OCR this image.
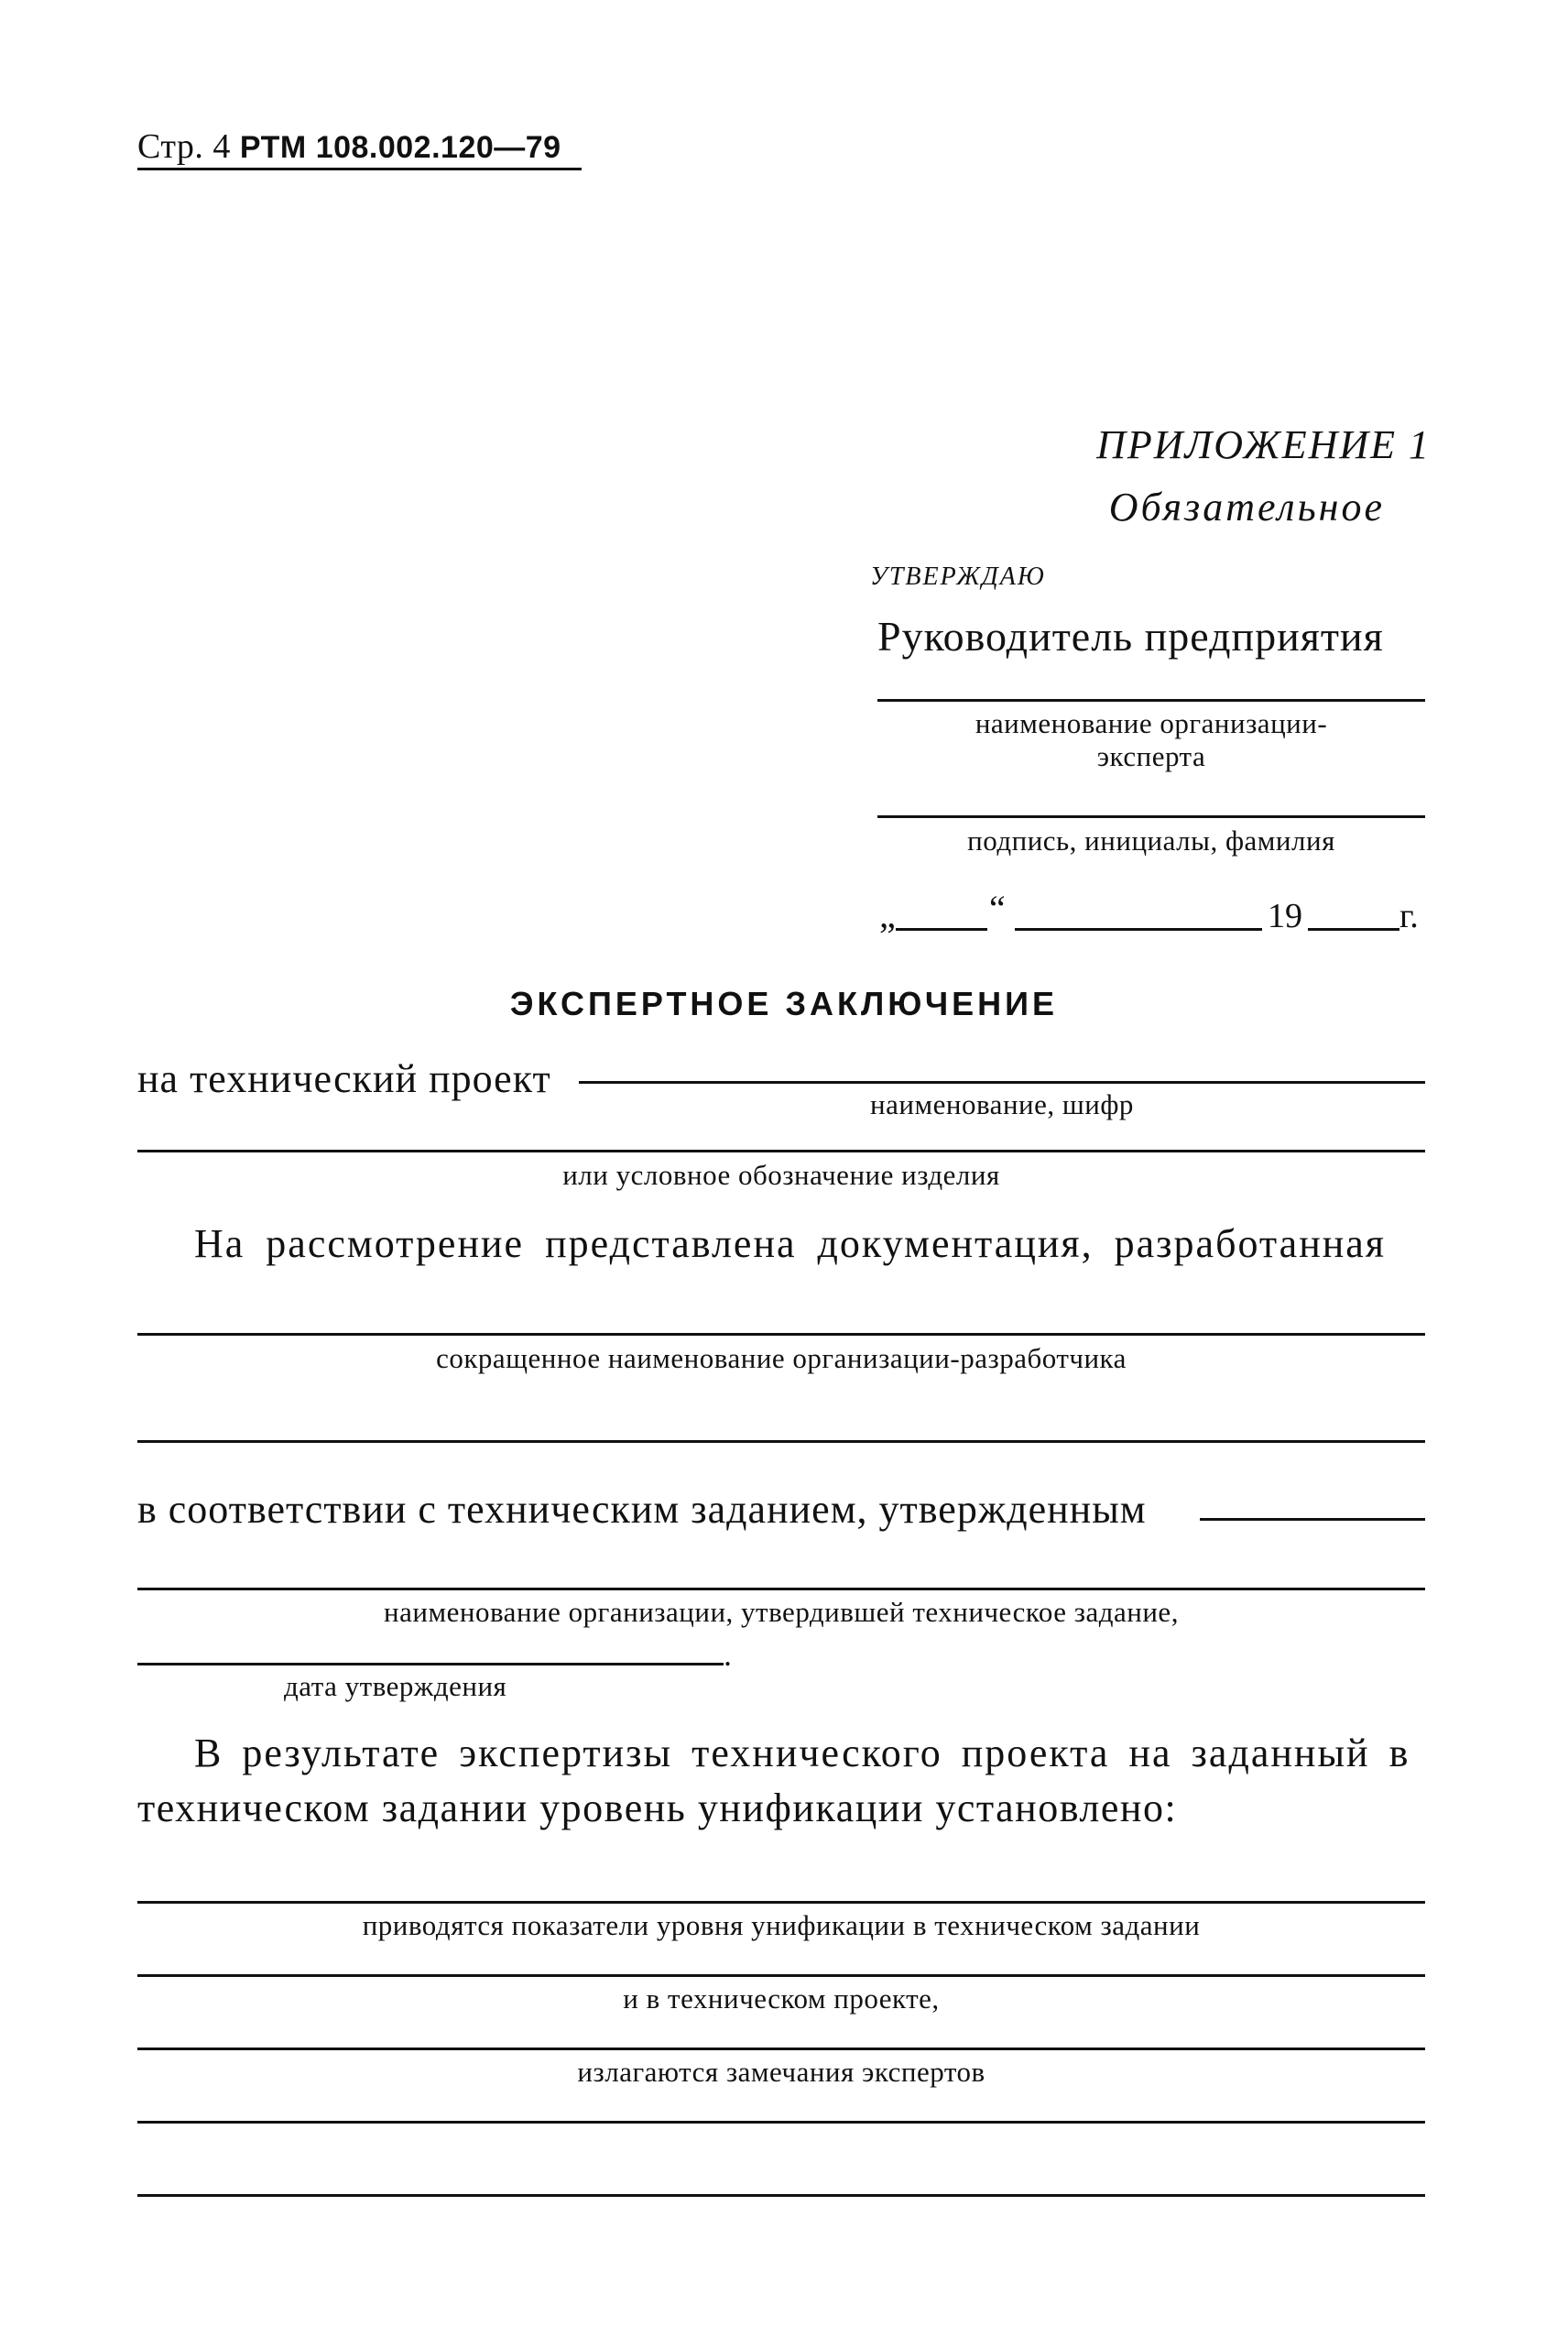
Стр. 4 РТМ 108.002.120—79
ПРИЛОЖЕНИЕ 1
Обязательное
УТВЕРЖДАЮ
Руководитель предприятия
наименование организации-
эксперта
подпись, инициалы, фамилия
„	“	19	г.
ЭКСПЕРТНОЕ ЗАКЛЮЧЕНИЕ
на технический проект
наименование, шифр
или условное обозначение изделия
На рассмотрение представлена документация, разработанная
сокращенное наименование организации-разработчика
в соответствии с техническим заданием, утвержденным
наименование организации, утвердившей техническое задание,
.
дата утверждения
В результате экспертизы технического проекта на заданный в
техническом задании уровень унификации установлено:
приводятся показатели уровня унификации в техническом задании
и в техническом проекте,
излагаются замечания экспертов
